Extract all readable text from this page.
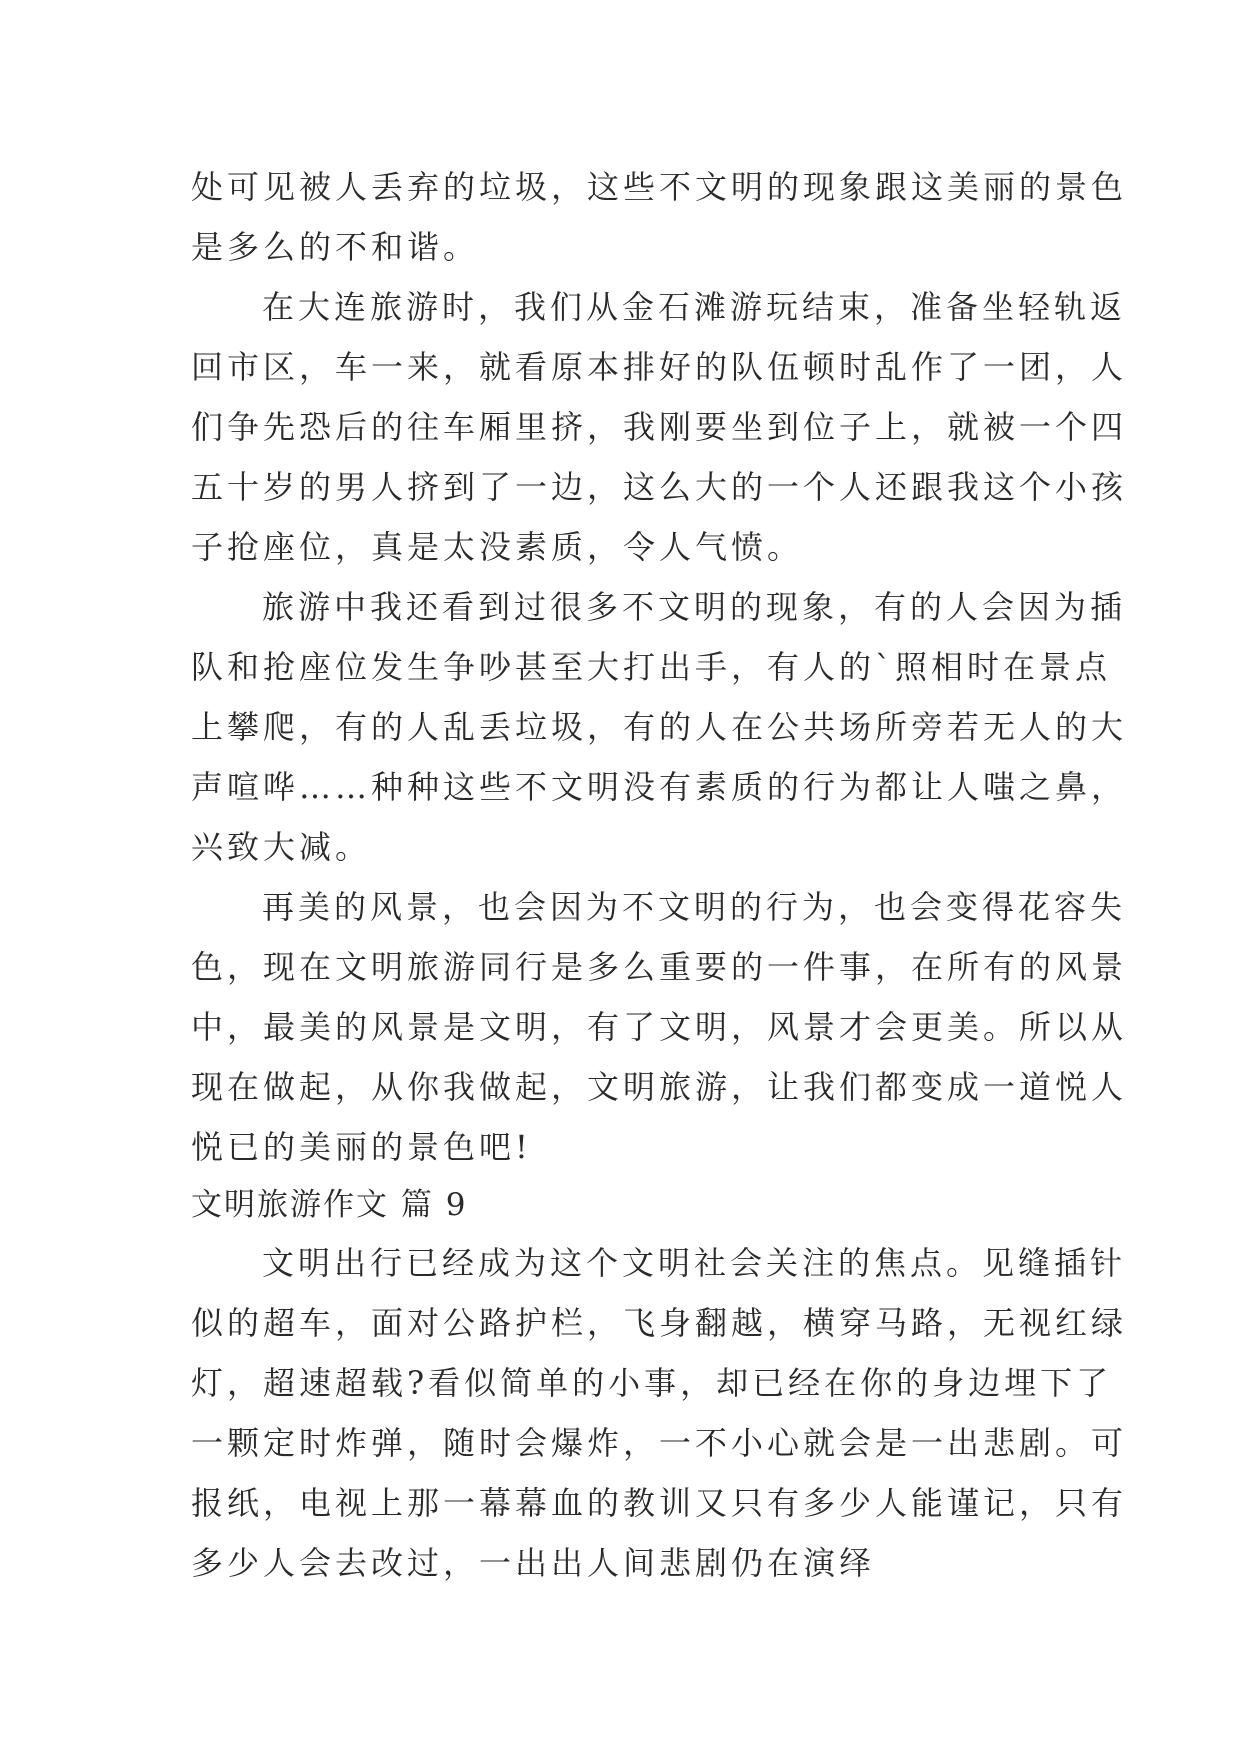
处可见被人丢弃的垃圾，这些不文明的现象跟这美丽的景色
是多么的不和谐。
在大连旅游时，我们从金石滩游玩结束，准备坐轻轨返
回市区，车一来，就看原本排好的队伍顿时乱作了一团，人
们争先恐后的往车厢里挤，我刚要坐到位子上，就被一个四
五十岁的男人挤到了一边，这么大的一个人还跟我这个小孩
子抢座位，真是太没素质，令人气愤。
旅游中我还看到过很多不文明的现象，有的人会因为插
队和抢座位发生争吵甚至大打出手，有人的`照相时在景点
上攀爬，有的人乱丢垃圾，有的人在公共场所旁若无人的大
声喧哗……种种这些不文明没有素质的行为都让人嗤之鼻，
兴致大减。
再美的风景，也会因为不文明的行为，也会变得花容失
色，现在文明旅游同行是多么重要的一件事，在所有的风景
中，最美的风景是文明，有了文明，风景才会更美。所以从
现在做起，从你我做起，文明旅游，让我们都变成一道悦人
悦已的美丽的景色吧!
文明旅游作文 篇 9
文明出行已经成为这个文明社会关注的焦点。见缝插针
似的超车，面对公路护栏，飞身翻越，横穿马路，无视红绿
灯，超速超载?看似简单的小事，却已经在你的身边埋下了
一颗定时炸弹，随时会爆炸，一不小心就会是一出悲剧。可
报纸，电视上那一幕幕血的教训又只有多少人能谨记，只有
多少人会去改过，一出出人间悲剧仍在演绎
